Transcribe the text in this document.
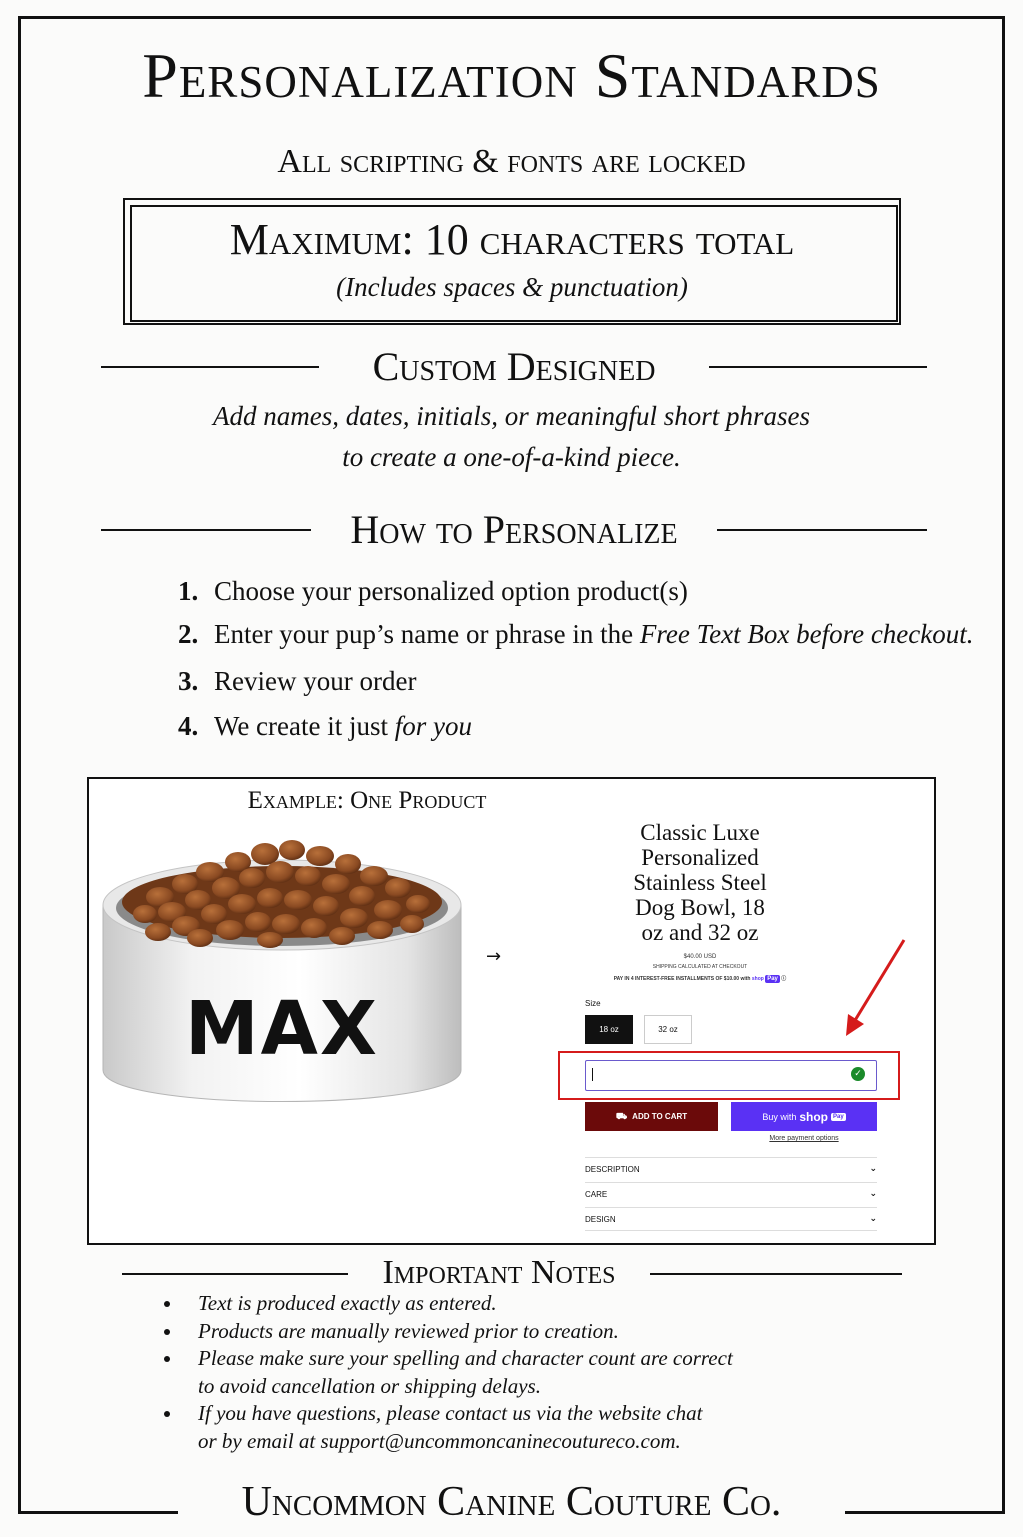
Personalization Standards
All scripting & fonts are locked
Maximum: 10 characters total
(Includes spaces & punctuation)
Custom Designed
Add names, dates, initials, or meaningful short phrases
to create a one-of-a-kind piece.
How to Personalize
1. Choose your personalized option product(s)
2. Enter your pup’s name or phrase in the Free Text Box before checkout.
3. Review your order
4. We create it just for you
Example: One Product
MAX
→
Classic Luxe
Personalized
Stainless Steel
Dog Bowl, 18
oz and 32 oz
$40.00 USD
SHIPPING CALCULATED AT CHECKOUT
PAY IN 4 INTEREST-FREE INSTALLMENTS OF $10.00 with shop Pay ⓘ
Size
18 oz	32 oz
✓
⛟ ADD TO CART	Buy with shop Pay
More payment options
DESCRIPTION	⌄
CARE	⌄
DESIGN	⌄
Important Notes
Text is produced exactly as entered.
Products are manually reviewed prior to creation.
Please make sure your spelling and character count are correct
to avoid cancellation or shipping delays.
If you have questions, please contact us via the website chat
or by email at support@uncommoncaninecoutureco.com.
Uncommon Canine Couture Co.
